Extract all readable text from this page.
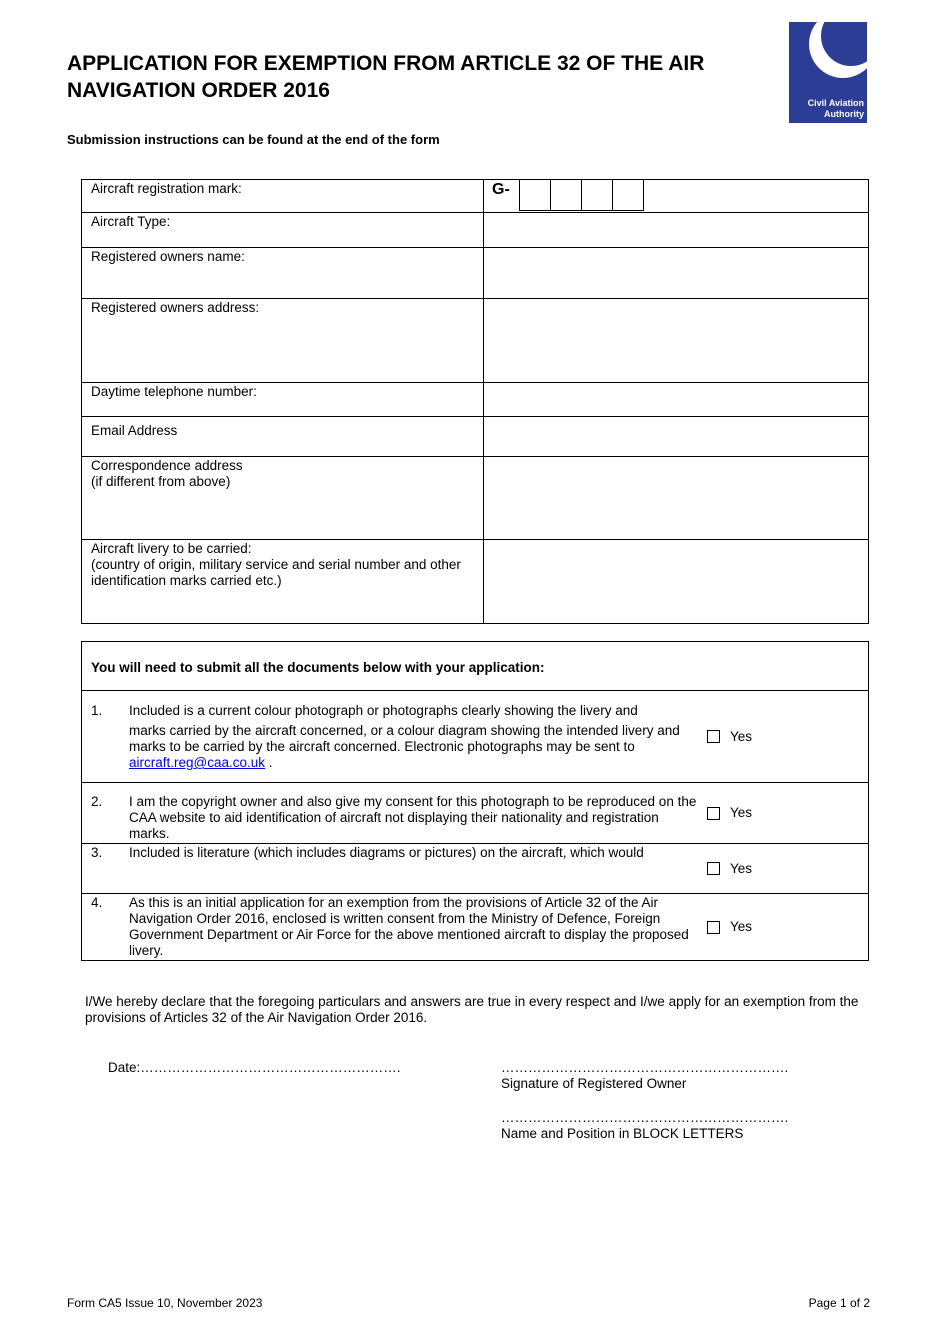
APPLICATION FOR EXEMPTION FROM ARTICLE 32 OF THE AIR
NAVIGATION ORDER 2016
Civil Aviation
Authority
Submission instructions can be found at the end of the form
Aircraft registration mark:	G-

Aircraft Type:	
Registered owners name:	
Registered owners address:	
Daytime telephone number:	
Email Address	

Correspondence address
(if different from above)	

Aircraft livery to be carried:
(country of origin, military service and serial number and other identification marks carried etc.)	

You will need to submit all the documents below with your application:		
1.	Included is a current colour photograph or photographs clearly showing the livery and
marks carried by the aircraft concerned, or a colour diagram showing the intended livery and marks to be carried by the aircraft concerned. Electronic photographs may be sent to aircraft.reg@caa.co.uk .	Yes
2.	I am the copyright owner and also give my consent for this photograph to be reproduced on the CAA website to aid identification of aircraft not displaying their nationality and registration marks.	Yes
3.	Included is literature (which includes diagrams or pictures) on the aircraft, which would	Yes
4.	As this is an initial application for an exemption from the provisions of Article 32 of the Air Navigation Order 2016, enclosed is written consent from the Ministry of Defence, Foreign Government Department or Air Force for the above mentioned aircraft to display the proposed livery.	Yes

I/We hereby declare that the foregoing particulars and answers are true in every respect and I/we apply for an exemption from the provisions of Articles 32 of the Air Navigation Order 2016.

Date:………………………………………………….	……………………………………………………….
Signature of Registered Owner
……………………………………………………….
Name and Position in BLOCK LETTERS
Form CA5 Issue 10, November 2023	Page 1 of 2
